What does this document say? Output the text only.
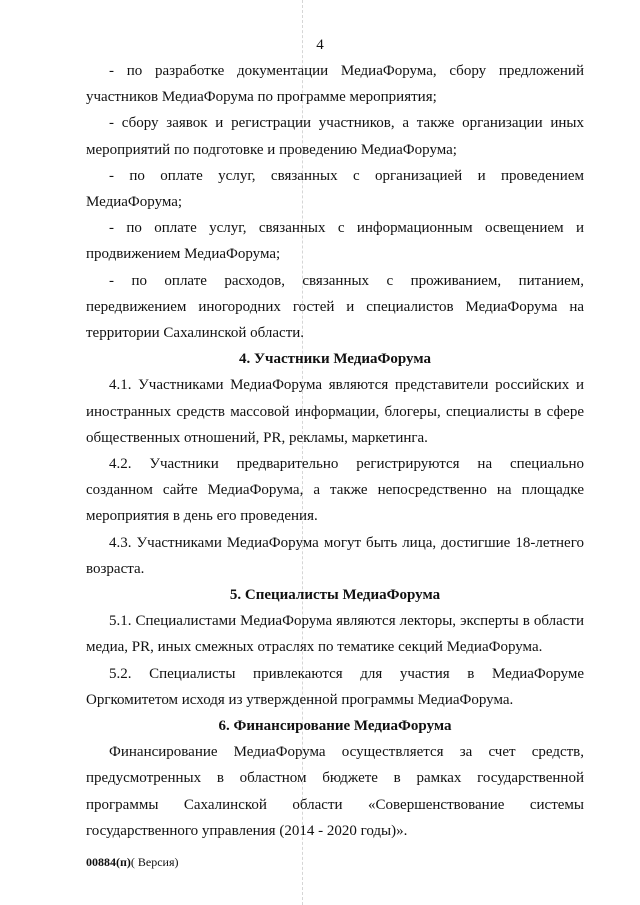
4

- по разработке документации МедиаФорума, сбору предложений участников МедиаФорума по программе мероприятия;

- сбору заявок и регистрации участников, а также организации иных мероприятий по подготовке и проведению МедиаФорума;

- по оплате услуг, связанных с организацией и проведением МедиаФорума;

- по оплате услуг, связанных с информационным освещением и продвижением МедиаФорума;

- по оплате расходов, связанных с проживанием, питанием, передвижением иногородних гостей и специалистов МедиаФорума на территории Сахалинской области.

4. Участники МедиаФорума

4.1. Участниками МедиаФорума являются представители российских и иностранных средств массовой информации, блогеры, специалисты в сфере общественных отношений, PR, рекламы, маркетинга.

4.2. Участники предварительно регистрируются на специально созданном сайте МедиаФорума, а также непосредственно на площадке мероприятия в день его проведения.

4.3. Участниками МедиаФорума могут быть лица, достигшие 18-летнего возраста.

5. Специалисты МедиаФорума

5.1. Специалистами МедиаФорума являются лекторы, эксперты в области медиа, PR, иных смежных отраслях по тематике секций МедиаФорума.

5.2. Специалисты привлекаются для участия в МедиаФоруме Оргкомитетом исходя из утвержденной программы МедиаФорума.

6. Финансирование МедиаФорума

Финансирование МедиаФорума осуществляется за счет средств, предусмотренных в областном бюджете в рамках государственной программы Сахалинской области «Совершенствование системы государственного управления (2014 - 2020 годы)».

00884(п)( Версия)
